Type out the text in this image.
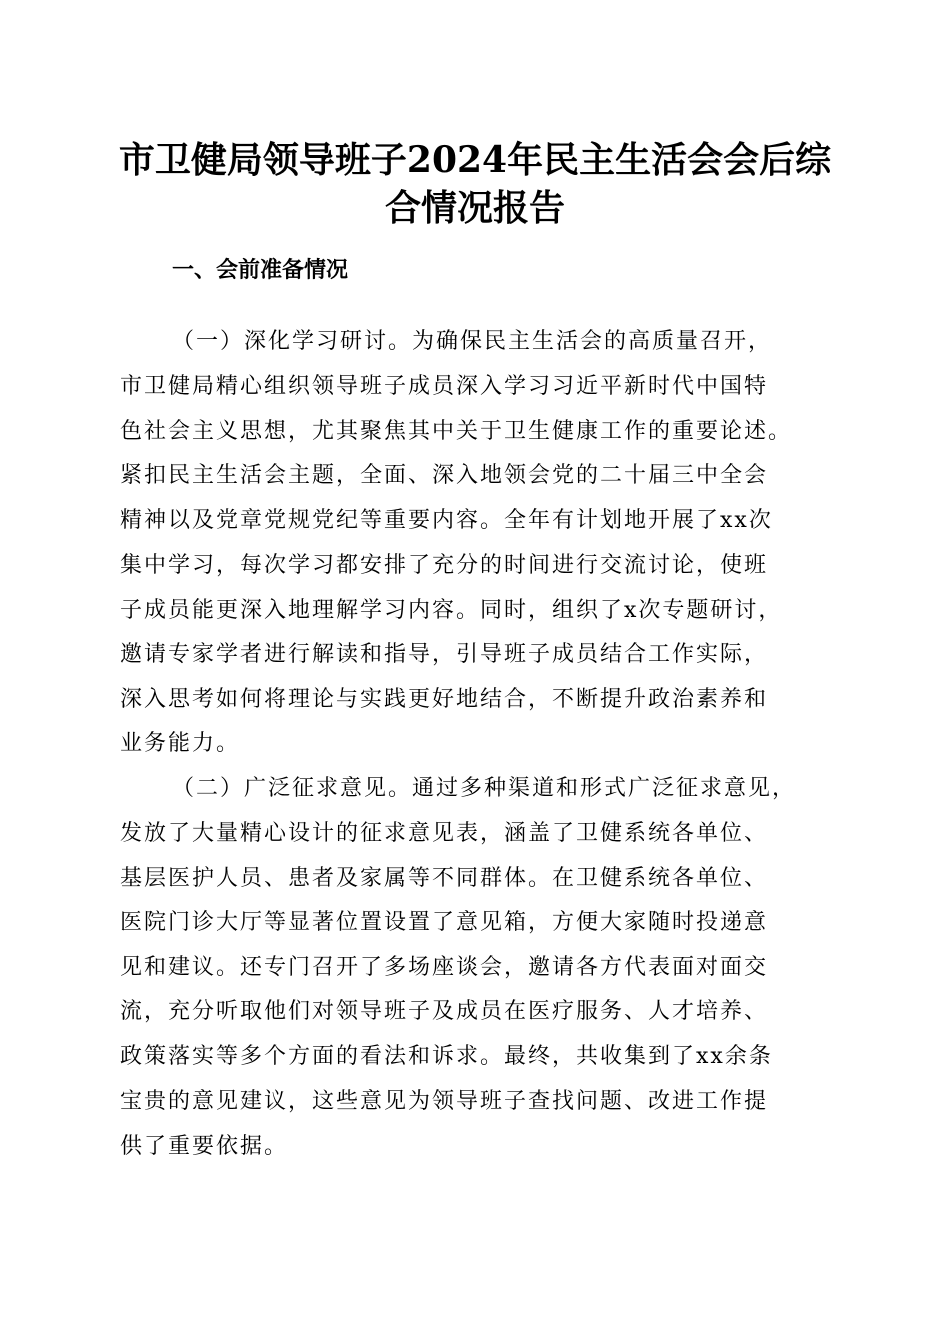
市卫健局领导班子2024年民主生活会会后综
合情况报告
一、会前准备情况
（一）深化学习研讨。为确保民主生活会的高质量召开，
市卫健局精心组织领导班子成员深入学习习近平新时代中国特
色社会主义思想，尤其聚焦其中关于卫生健康工作的重要论述。
紧扣民主生活会主题，全面、深入地领会党的二十届三中全会
精神以及党章党规党纪等重要内容。全年有计划地开展了xx次
集中学习，每次学习都安排了充分的时间进行交流讨论，使班
子成员能更深入地理解学习内容。同时，组织了x次专题研讨，
邀请专家学者进行解读和指导，引导班子成员结合工作实际，
深入思考如何将理论与实践更好地结合，不断提升政治素养和
业务能力。
（二）广泛征求意见。通过多种渠道和形式广泛征求意见，
发放了大量精心设计的征求意见表，涵盖了卫健系统各单位、
基层医护人员、患者及家属等不同群体。在卫健系统各单位、
医院门诊大厅等显著位置设置了意见箱，方便大家随时投递意
见和建议。还专门召开了多场座谈会，邀请各方代表面对面交
流，充分听取他们对领导班子及成员在医疗服务、人才培养、
政策落实等多个方面的看法和诉求。最终，共收集到了xx余条
宝贵的意见建议，这些意见为领导班子查找问题、改进工作提
供了重要依据。
